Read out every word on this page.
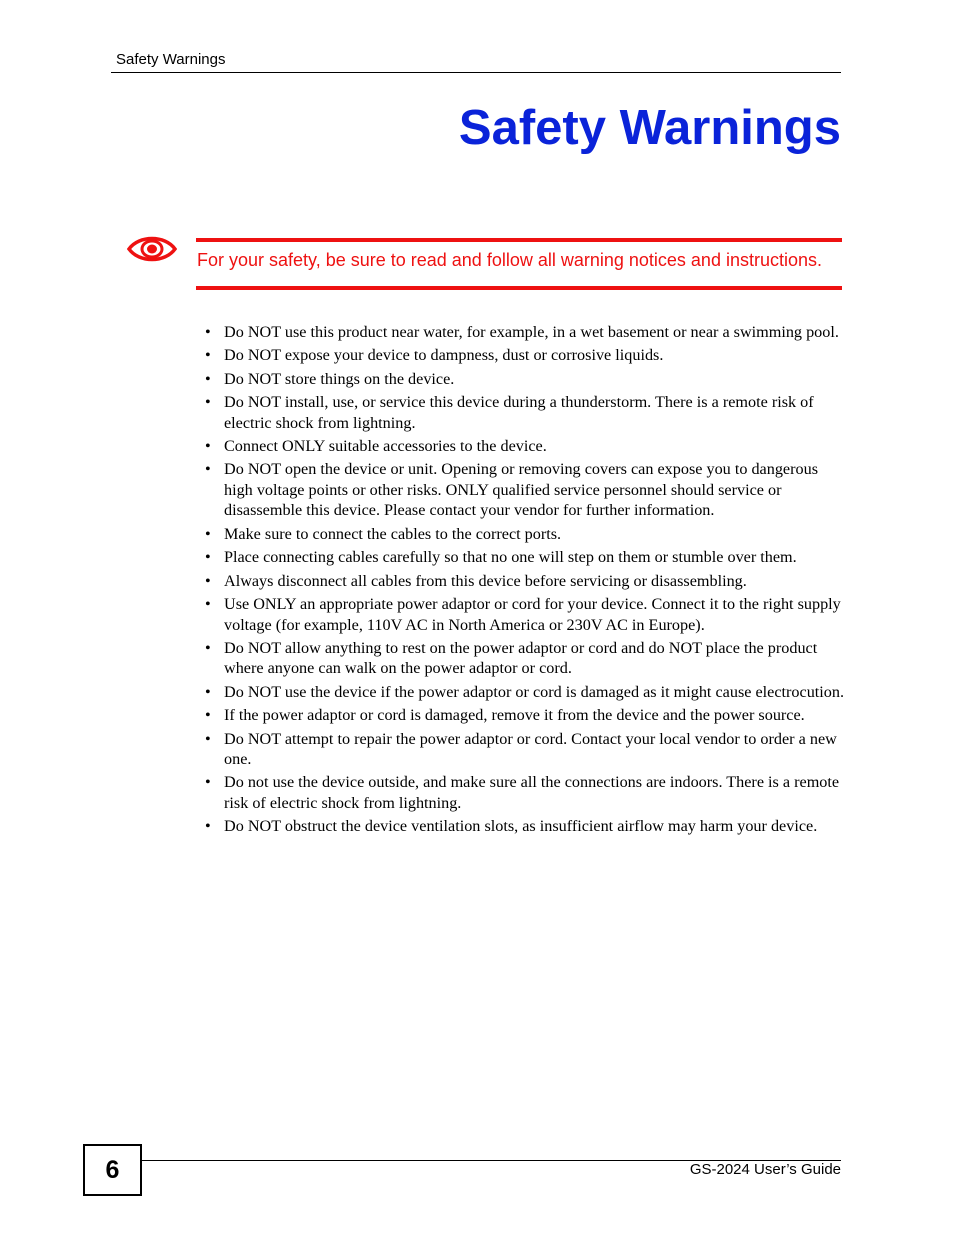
Safety Warnings
Safety Warnings
For your safety, be sure to read and follow all warning notices and instructions.
• Do NOT use this product near water, for example, in a wet basement or near a swimming pool.
• Do NOT expose your device to dampness, dust or corrosive liquids.
• Do NOT store things on the device.
• Do NOT install, use, or service this device during a thunderstorm. There is a remote risk of electric shock from lightning.
• Connect ONLY suitable accessories to the device.
• Do NOT open the device or unit. Opening or removing covers can expose you to dangerous high voltage points or other risks. ONLY qualified service personnel should service or disassemble this device. Please contact your vendor for further information.
• Make sure to connect the cables to the correct ports.
• Place connecting cables carefully so that no one will step on them or stumble over them.
• Always disconnect all cables from this device before servicing or disassembling.
• Use ONLY an appropriate power adaptor or cord for your device. Connect it to the right supply voltage (for example, 110V AC in North America or 230V AC in Europe).
• Do NOT allow anything to rest on the power adaptor or cord and do NOT place the product where anyone can walk on the power adaptor or cord.
• Do NOT use the device if the power adaptor or cord is damaged as it might cause electrocution.
• If the power adaptor or cord is damaged, remove it from the device and the power source.
• Do NOT attempt to repair the power adaptor or cord. Contact your local vendor to order a new one.
• Do not use the device outside, and make sure all the connections are indoors. There is a remote risk of electric shock from lightning.
• Do NOT obstruct the device ventilation slots, as insufficient airflow may harm your device.
6	GS-2024 User’s Guide
